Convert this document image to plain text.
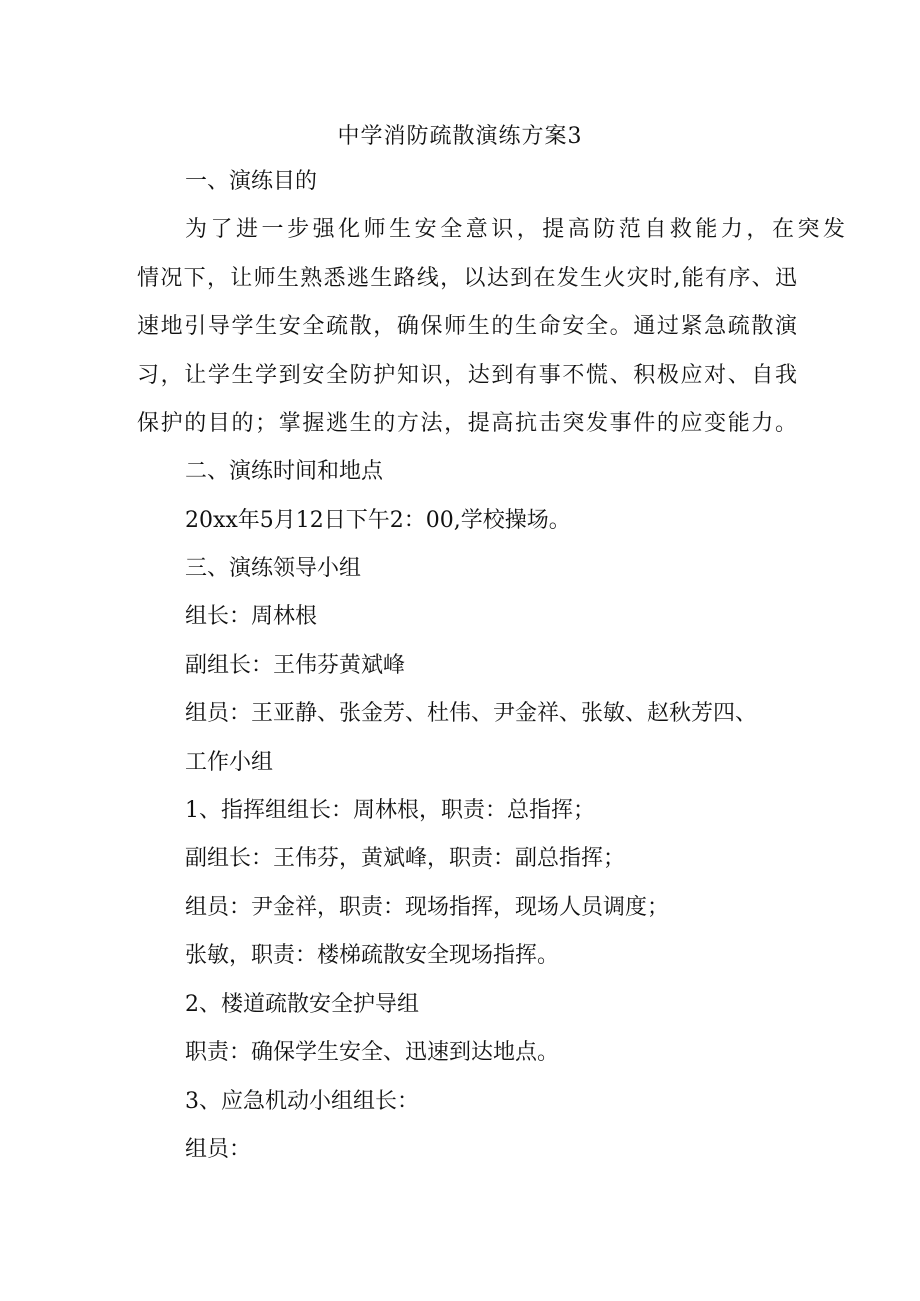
中学消防疏散演练方案3
一、演练目的
为了进一步强化师生安全意识，提高防范自救能力，在突发
情况下，让师生熟悉逃生路线，以达到在发生火灾时,能有序、迅
速地引导学生安全疏散，确保师生的生命安全。通过紧急疏散演
习，让学生学到安全防护知识，达到有事不慌、积极应对、自我
保护的目的；掌握逃生的方法，提高抗击突发事件的应变能力。
二、演练时间和地点
20xx年5月12日下午2：00,学校操场。
三、演练领导小组
组长：周林根
副组长：王伟芬黄斌峰
组员：王亚静、张金芳、杜伟、尹金祥、张敏、赵秋芳四、
工作小组
1、指挥组组长：周林根，职责：总指挥；
副组长：王伟芬，黄斌峰，职责：副总指挥；
组员：尹金祥，职责：现场指挥，现场人员调度；
张敏，职责：楼梯疏散安全现场指挥。
2、楼道疏散安全护导组
职责：确保学生安全、迅速到达地点。
3、应急机动小组组长：
组员：
